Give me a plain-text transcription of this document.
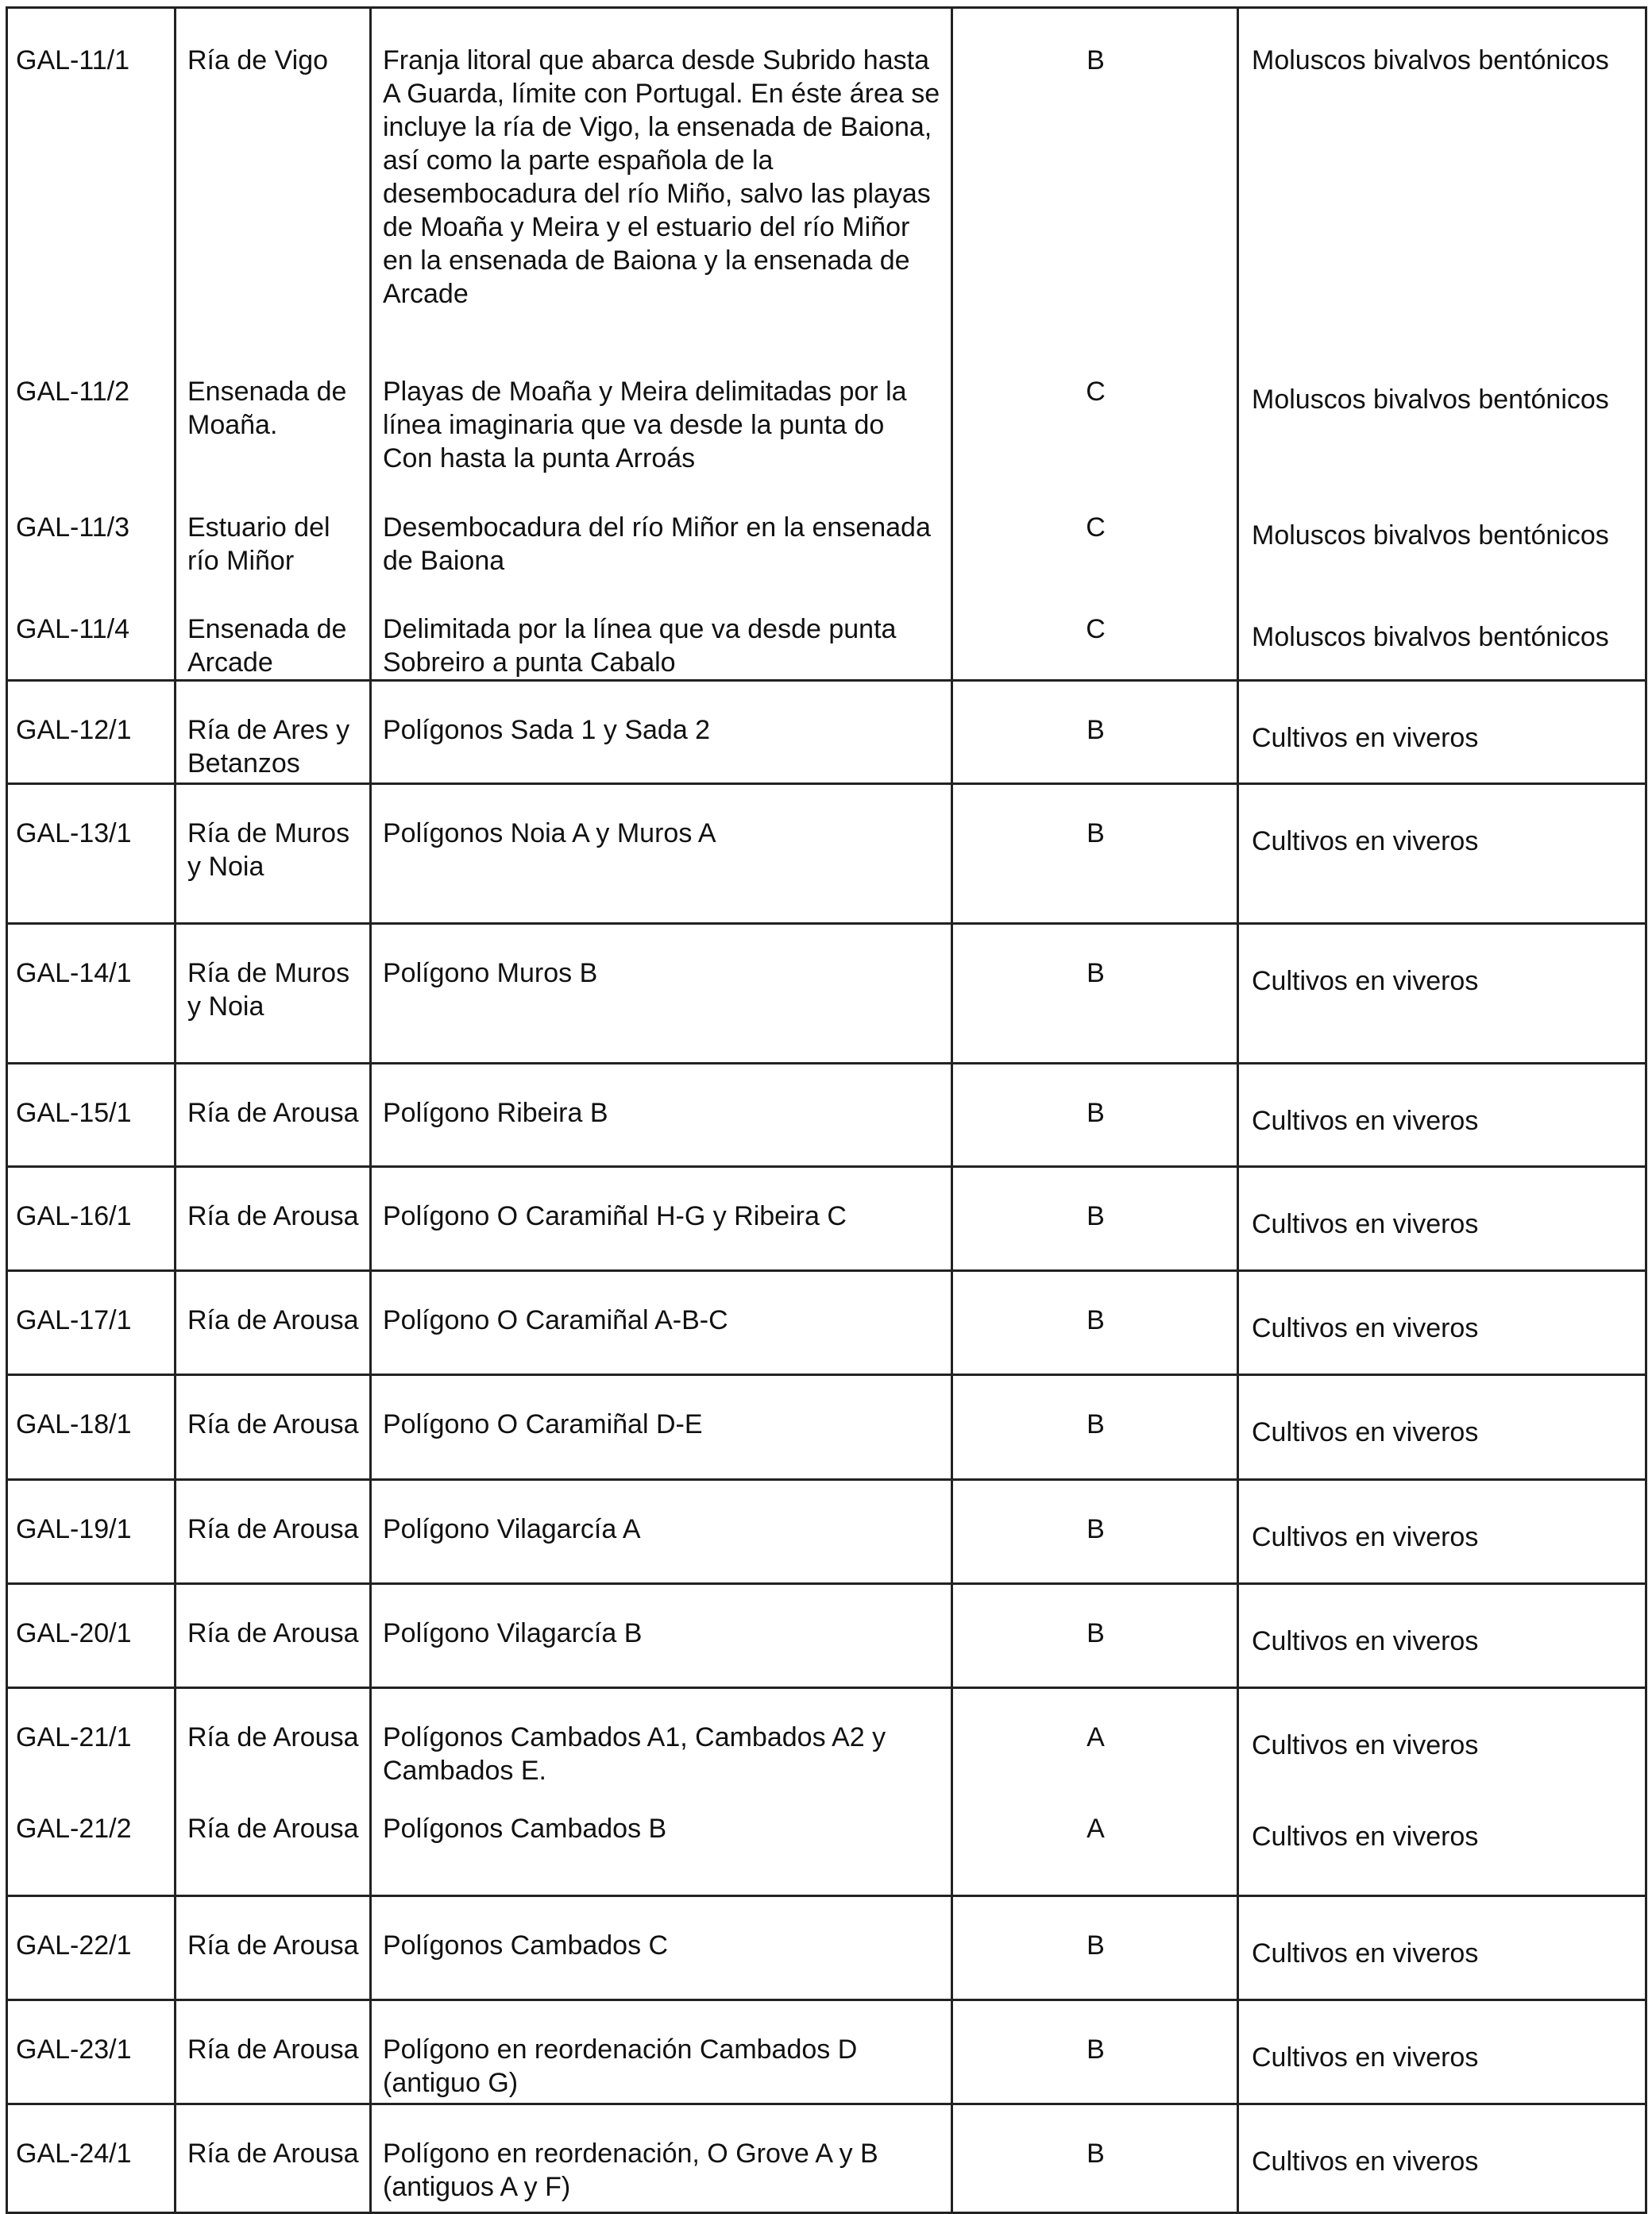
GAL-11/1	Ría de Vigo	Franja litoral que abarca desde Subrido hasta A Guarda, límite con Portugal. En éste área se incluye la ría de Vigo, la ensenada de Baiona, así como la parte española de la desembocadura del río Miño, salvo las playas de Moaña y Meira y el estuario del río Miñor en la ensenada de Baiona y la ensenada de Arcade	B	Moluscos bivalvos bentónicos
GAL-11/2	Ensenada de Moaña.	Playas de Moaña y Meira delimitadas por la línea imaginaria que va desde la punta do Con hasta la punta Arroás	C	Moluscos bivalvos bentónicos
GAL-11/3	Estuario del río Miñor	Desembocadura del río Miñor en la ensenada de Baiona	C	Moluscos bivalvos bentónicos
GAL-11/4	Ensenada de Arcade	Delimitada por la línea que va desde punta Sobreiro a punta Cabalo	C	Moluscos bivalvos bentónicos
GAL-12/1	Ría de Ares y Betanzos	Polígonos Sada 1 y Sada 2	B	Cultivos en viveros
GAL-13/1	Ría de Muros y Noia	Polígonos Noia A y Muros A	B	Cultivos en viveros
GAL-14/1	Ría de Muros y Noia	Polígono Muros B	B	Cultivos en viveros
GAL-15/1	Ría de Arousa	Polígono Ribeira B	B	Cultivos en viveros
GAL-16/1	Ría de Arousa	Polígono O Caramiñal H-G y Ribeira C	B	Cultivos en viveros
GAL-17/1	Ría de Arousa	Polígono O Caramiñal A-B-C	B	Cultivos en viveros
GAL-18/1	Ría de Arousa	Polígono O Caramiñal D-E	B	Cultivos en viveros
GAL-19/1	Ría de Arousa	Polígono Vilagarcía A	B	Cultivos en viveros
GAL-20/1	Ría de Arousa	Polígono Vilagarcía B	B	Cultivos en viveros
GAL-21/1	Ría de Arousa	Polígonos Cambados A1, Cambados A2 y Cambados E.	A	Cultivos en viveros
GAL-21/2	Ría de Arousa	Polígonos Cambados B	A	Cultivos en viveros
GAL-22/1	Ría de Arousa	Polígonos Cambados C	B	Cultivos en viveros
GAL-23/1	Ría de Arousa	Polígono en reordenación Cambados D (antiguo G)	B	Cultivos en viveros
GAL-24/1	Ría de Arousa	Polígono en reordenación, O Grove A y B (antiguos A y F)	B	Cultivos en viveros
